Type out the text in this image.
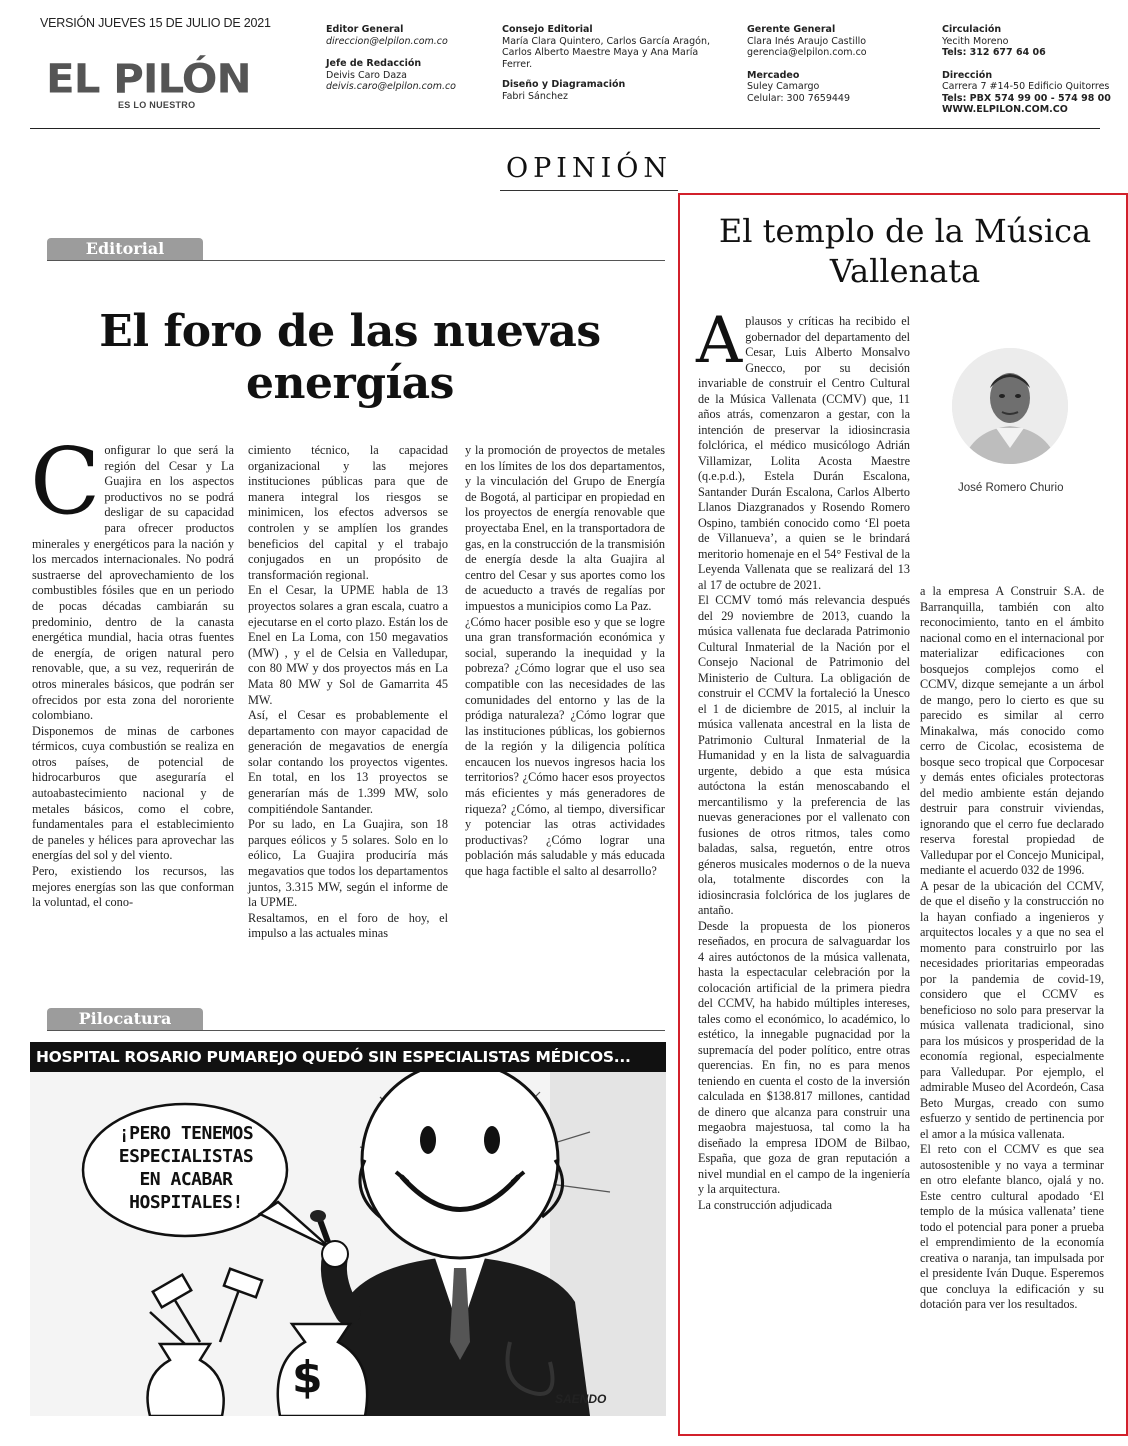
VERSIÓN JUEVES 15 DE JULIO DE 2021
EL PILÓN
ES LO NUESTRO
Editor General
direccion@elpilon.com.co
Jefe de Redacción
Deivis Caro Daza
deivis.caro@elpilon.com.co
Consejo Editorial
María Clara Quintero, Carlos García Aragón, Carlos Alberto Maestre Maya y Ana María Ferrer.
Diseño y Diagramación
Fabri Sánchez
Gerente General
Clara Inés Araujo Castillo
gerencia@elpilon.com.co
Mercadeo
Suley Camargo
Celular: 300 7659449
Circulación
Yecith Moreno
Tels: 312 677 64 06
Dirección
Carrera 7 #14-50 Edificio Quitorres
Tels: PBX 574 99 00 - 574 98 00
WWW.ELPILON.COM.CO
OPINIÓN
Editorial
El foro de las nuevas energías
C onfigurar lo que será la región del Cesar y La Guajira en los aspectos productivos no se podrá desligar de su capacidad para ofrecer productos minerales y energéticos para la nación y los mercados internacionales. No podrá sustraerse del aprovechamiento de los combustibles fósiles que en un periodo de pocas décadas cambiarán su predominio, dentro de la canasta energética mundial, hacia otras fuentes de energía, de origen natural pero renovable, que, a su vez, requerirán de otros minerales básicos, que podrán ser ofrecidos por esta zona del nororiente colombiano.

Disponemos de minas de carbones térmicos, cuya combustión se realiza en otros países, de potencial de hidrocarburos que aseguraría el autoabastecimiento nacional y de metales básicos, como el cobre, fundamentales para el establecimiento de paneles y hélices para aprovechar las energías del sol y del viento.

Pero, existiendo los recursos, las mejores energías son las que conforman la voluntad, el cono-

cimiento técnico, la capacidad organizacional y las mejores instituciones públicas para que de manera integral los riesgos se minimicen, los efectos adversos se controlen y se amplíen los grandes beneficios del capital y el trabajo conjugados en un propósito de transformación regional.

En el Cesar, la UPME habla de 13 proyectos solares a gran escala, cuatro a ejecutarse en el corto plazo. Están los de Enel en La Loma, con 150 megavatios (MW) , y el de Celsia en Valledupar, con 80 MW y dos proyectos más en La Mata 80 MW y Sol de Gamarrita 45 MW.

Así, el Cesar es probablemente el departamento con mayor capacidad de generación de megavatios de energía solar contando los proyectos vigentes. En total, en los 13 proyectos se generarían más de 1.399 MW, solo compitiéndole Santander.

Por su lado, en La Guajira, son 18 parques eólicos y 5 solares. Solo en lo eólico, La Guajira produciría más megavatios que todos los departamentos juntos, 3.315 MW, según el informe de la UPME.

Resaltamos, en el foro de hoy, el impulso a las actuales minas

y la promoción de proyectos de metales en los límites de los dos departamentos, y la vinculación del Grupo de Energía de Bogotá, al participar en propiedad en los proyectos de energía renovable que proyectaba Enel, en la transportadora de gas, en la construcción de la transmisión de energía desde la alta Guajira al centro del Cesar y sus aportes como los de acueducto a través de regalías por impuestos a municipios como La Paz.

¿Cómo hacer posible eso y que se logre una gran transformación económica y social, superando la inequidad y la pobreza? ¿Cómo lograr que el uso sea compatible con las necesidades de las comunidades del entorno y las de la pródiga naturaleza? ¿Cómo lograr que las instituciones públicas, los gobiernos de la región y la diligencia política encaucen los nuevos ingresos hacia los territorios? ¿Cómo hacer esos proyectos más eficientes y más generadores de riqueza? ¿Cómo, al tiempo, diversificar y potenciar las otras actividades productivas? ¿Cómo lograr una población más saludable y más educada que haga factible el salto al desarrollo?

Pilocatura
HOSPITAL ROSARIO PUMAREJO QUEDÓ SIN ESPECIALISTAS MÉDICOS...
¡PERO TENEMOS
ESPECIALISTAS
EN ACABAR
HOSPITALES!
$	SAENDO
El templo de la Música Vallenata
José Romero Churio
A plausos y críticas ha recibido el gobernador del departamento del Cesar, Luis Alberto Monsalvo Gnecco, por su decisión invariable de construir el Centro Cultural de la Música Vallenata (CCMV) que, 11 años atrás, comenzaron a gestar, con la intención de preservar la idiosincrasia folclórica, el médico musicólogo Adrián Villamizar, Lolita Acosta Maestre (q.e.p.d.), Estela Durán Escalona, Santander Durán Escalona, Carlos Alberto Llanos Diazgranados y Rosendo Romero Ospino, también conocido como ‘El poeta de Villanueva’, a quien se le brindará meritorio homenaje en el 54° Festival de la Leyenda Vallenata que se realizará del 13 al 17 de octubre de 2021.

El CCMV tomó más relevancia después del 29 noviembre de 2013, cuando la música vallenata fue declarada Patrimonio Cultural Inmaterial de la Nación por el Consejo Nacional de Patrimonio del Ministerio de Cultura. La obligación de construir el CCMV la fortaleció la Unesco el 1 de diciembre de 2015, al incluir la música vallenata ancestral en la lista de Patrimonio Cultural Inmaterial de la Humanidad y en la lista de salvaguardia urgente, debido a que esta música autóctona la están menoscabando el mercantilismo y la preferencia de las nuevas generaciones por el vallenato con fusiones de otros ritmos, tales como baladas, salsa, reguetón, entre otros géneros musicales modernos o de la nueva ola, totalmente discordes con la idiosincrasia folclórica de los juglares de antaño.

Desde la propuesta de los pioneros reseñados, en procura de salvaguardar los 4 aires autóctonos de la música vallenata, hasta la espectacular celebración por la colocación artificial de la primera piedra del CCMV, ha habido múltiples intereses, tales como el económico, lo académico, lo estético, la innegable pugnacidad por la supremacía del poder político, entre otras querencias. En fin, no es para menos teniendo en cuenta el costo de la inversión calculada en $138.817 millones, cantidad de dinero que alcanza para construir una megaobra majestuosa, tal como la ha diseñado la empresa IDOM de Bilbao, España, que goza de gran reputación a nivel mundial en el campo de la ingeniería y la arquitectura.

La construcción adjudicada

a la empresa A Construir S.A. de Barranquilla, también con alto reconocimiento, tanto en el ámbito nacional como en el internacional por materializar edificaciones con bosquejos complejos como el CCMV, dizque semejante a un árbol de mango, pero lo cierto es que su parecido es similar al cerro Minakalwa, más conocido como cerro de Cicolac, ecosistema de bosque seco tropical que Corpocesar y demás entes oficiales protectoras del medio ambiente están dejando destruir para construir viviendas, ignorando que el cerro fue declarado reserva forestal propiedad de Valledupar por el Concejo Municipal, mediante el acuerdo 032 de 1996.

A pesar de la ubicación del CCMV, de que el diseño y la construcción no la hayan confiado a ingenieros y arquitectos locales y a que no sea el momento para construirlo por las necesidades prioritarias empeoradas por la pandemia de covid-19, considero que el CCMV es beneficioso no solo para preservar la música vallenata tradicional, sino para los músicos y prosperidad de la economía regional, especialmente para Valledupar. Por ejemplo, el admirable Museo del Acordeón, Casa Beto Murgas, creado con sumo esfuerzo y sentido de pertinencia por el amor a la música vallenata.

El reto con el CCMV es que sea autosostenible y no vaya a terminar en otro elefante blanco, ojalá y no. Este centro cultural apodado ‘El templo de la música vallenata’ tiene todo el potencial para poner a prueba el emprendimiento de la economía creativa o naranja, tan impulsada por el presidente Iván Duque. Esperemos que concluya la edificación y su dotación para ver los resultados.
